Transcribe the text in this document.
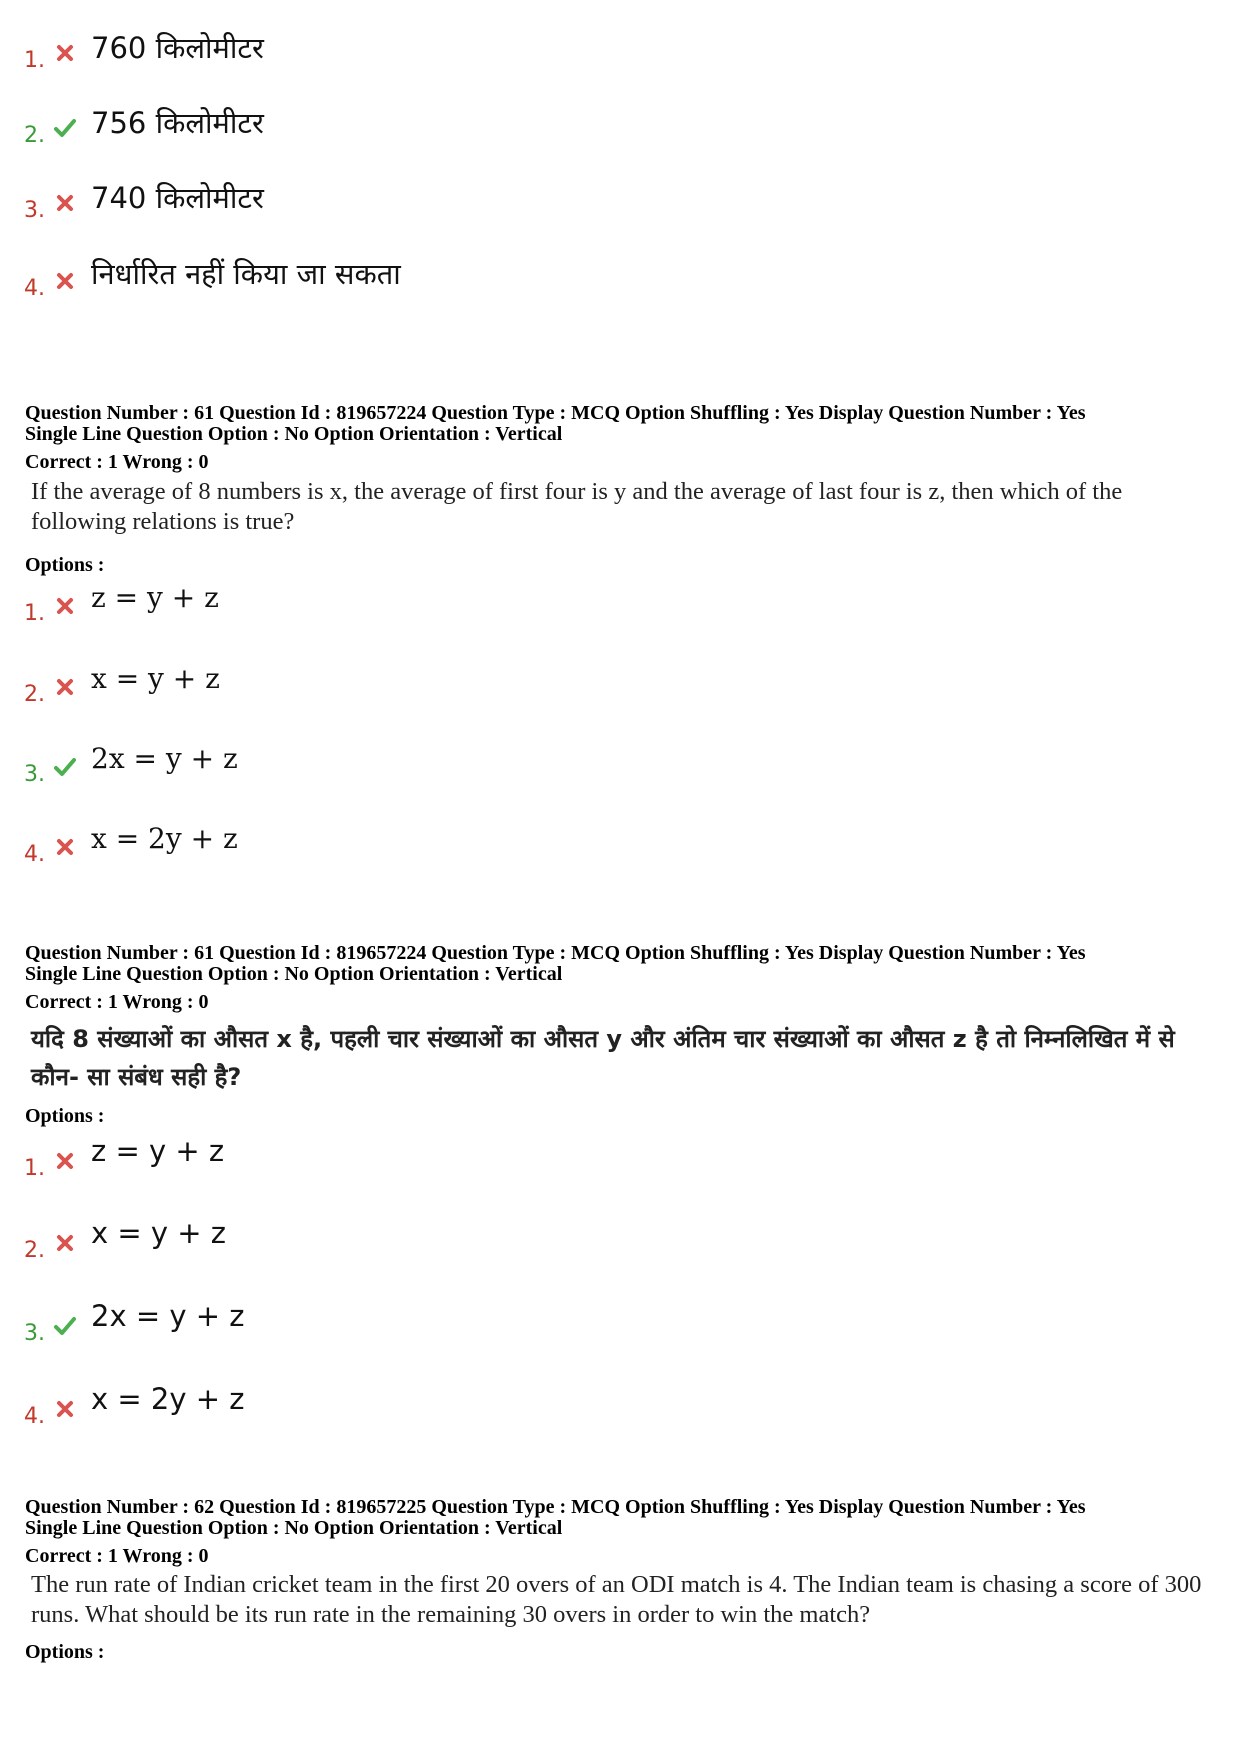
1. 760 किलोमीटर
2. 756 किलोमीटर
3. 740 किलोमीटर
4. निर्धारित नहीं किया जा सकता
Question Number : 61 Question Id : 819657224 Question Type : MCQ Option Shuffling : Yes Display Question Number : Yes
Single Line Question Option : No Option Orientation : Vertical
Correct : 1 Wrong : 0
If the average of 8 numbers is x, the average of first four is y and the average of last four is z, then which of the following relations is true?
Options :
1. z = y + z
2. x = y + z
3. 2x = y + z
4. x = 2y + z
Question Number : 61 Question Id : 819657224 Question Type : MCQ Option Shuffling : Yes Display Question Number : Yes
Single Line Question Option : No Option Orientation : Vertical
Correct : 1 Wrong : 0
यदि 8 संख्याओं का औसत x है, पहली चार संख्याओं का औसत y और अंतिम चार संख्याओं का औसत z है तो निम्नलिखित में से कौन- सा संबंध सही है?
Options :
1.
z = y + z
2.
x = y + z
3.
2x = y + z
4.
x = 2y + z
Question Number : 62 Question Id : 819657225 Question Type : MCQ Option Shuffling : Yes Display Question Number : Yes
Single Line Question Option : No Option Orientation : Vertical
Correct : 1 Wrong : 0
The run rate of Indian cricket team in the first 20 overs of an ODI match is 4. The Indian team is chasing a score of 300 runs. What should be its run rate in the remaining 30 overs in order to win the match?
Options :
